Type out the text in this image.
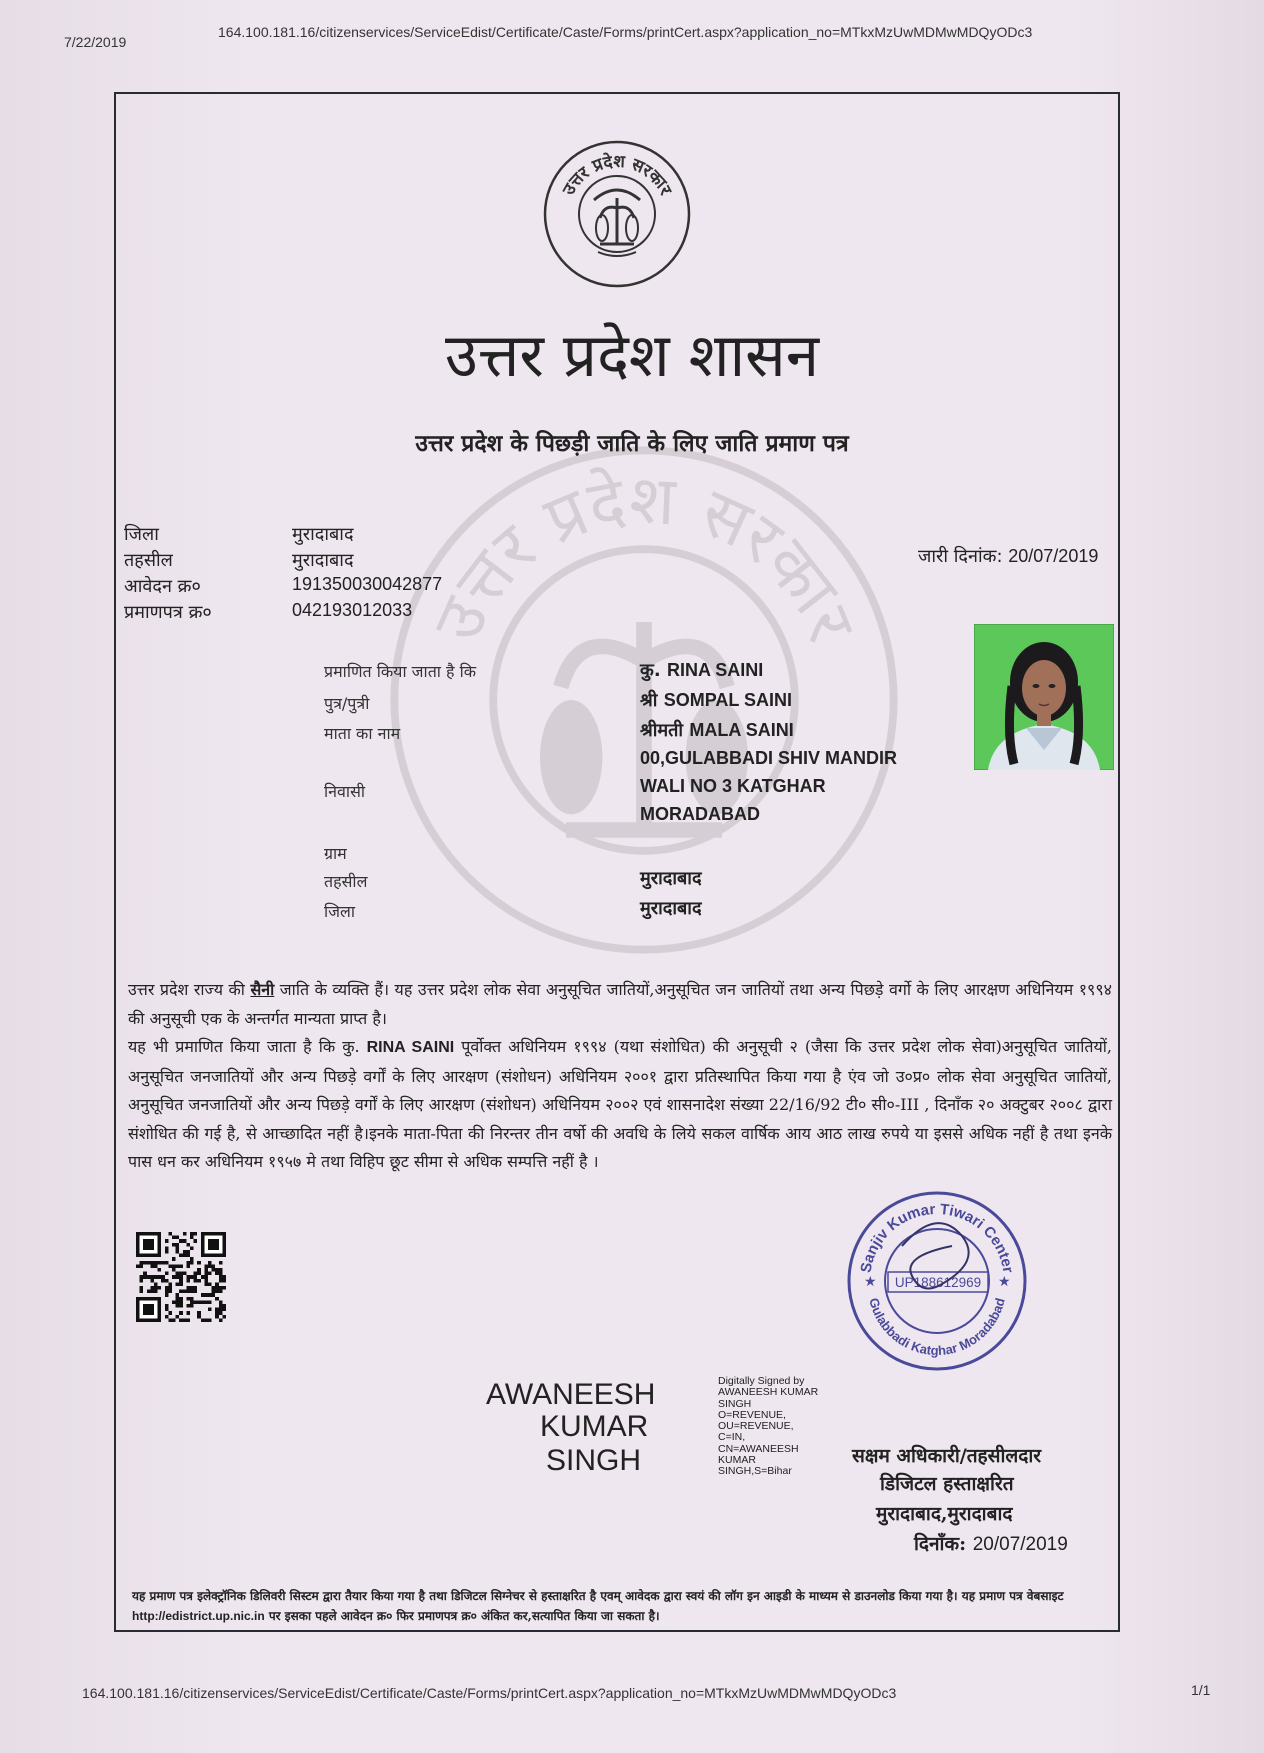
7/22/2019
164.100.181.16/citizenservices/ServiceEdist/Certificate/Caste/Forms/printCert.aspx?application_no=MTkxMzUwMDMwMDQyODc3
उत्तर प्रदेश सरकार
उत्तर प्रदेश सरकार
उत्तर प्रदेश शासन
उत्तर प्रदेश के पिछड़ी जाति के लिए जाति प्रमाण पत्र
जिला	मुरादाबाद
तहसील	मुरादाबाद
आवेदन क्र०	191350030042877
प्रमाणपत्र क्र०	042193012033
जारी दिनांक: 20/07/2019
प्रमाणित किया जाता है कि	कु. RINA SAINI
पुत्र/पुत्री	श्री SOMPAL SAINI
माता का नाम	श्रीमती MALA SAINI
00,GULABBADI SHIV MANDIR
निवासी	WALI NO 3 KATGHAR
MORADABAD
ग्राम
तहसील	मुरादाबाद
जिला	मुरादाबाद
उत्तर प्रदेश राज्य की सैनी जाति के व्यक्ति हैं। यह उत्तर प्रदेश लोक सेवा अनुसूचित जातियों,अनुसूचित जन जातियों तथा अन्य पिछड़े वर्गो के लिए आरक्षण अधिनियम १९९४ की अनुसूची एक के अन्तर्गत मान्यता प्राप्त है।
यह भी प्रमाणित किया जाता है कि कु. RINA SAINI पूर्वोक्त अधिनियम १९९४ (यथा संशोधित) की अनुसूची २ (जैसा कि उत्तर प्रदेश लोक सेवा)अनुसूचित जातियों, अनुसूचित जनजातियों और अन्य पिछड़े वर्गों के लिए आरक्षण (संशोधन) अधिनियम २००१ द्वारा प्रतिस्थापित किया गया है एंव जो उ०प्र० लोक सेवा अनुसूचित जातियों, अनुसूचित जनजातियों और अन्य पिछड़े वर्गों के लिए आरक्षण (संशोधन) अधिनियम २००२ एवं शासनादेश संख्या 22/16/92 टी० सी०-III , दिनाँक २० अक्टुबर २००८ द्वारा संशोधित की गई है, से आच्छादित नहीं है।इनके माता-पिता की निरन्तर तीन वर्षो की अवधि के लिये सकल वार्षिक आय आठ लाख रुपये या इससे अधिक नहीं है तथा इनके पास धन कर अधिनियम १९५७ मे तथा विहिप छूट सीमा से अधिक सम्पत्ति नहीं है ।
Sanjiv Kumar Tiwari Center
Gulabbadi Katghar Moradabad
★	★
UP188612969
AWANEESH
KUMAR
SINGH
Digitally Signed by
AWANEESH KUMAR
SINGH
O=REVENUE,
OU=REVENUE,
C=IN,
CN=AWANEESH
KUMAR
SINGH,S=Bihar
सक्षम अधिकारी/तहसीलदार
डिजिटल हस्ताक्षरित
मुरादाबाद,मुरादाबाद
दिनाँक: 20/07/2019
यह प्रमाण पत्र इलेक्ट्रॉनिक डिलिवरी सिस्टम द्वारा तैयार किया गया है तथा डिजिटल सिग्नेचर से हस्ताक्षरित है एवम् आवेदक द्वारा स्वयं की लॉग इन आइडी के माध्यम से डाउनलोड किया गया है। यह प्रमाण पत्र वेबसाइट http://edistrict.up.nic.in पर इसका पहले आवेदन क्र० फिर प्रमाणपत्र क्र० अंकित कर,सत्यापित किया जा सकता है।
164.100.181.16/citizenservices/ServiceEdist/Certificate/Caste/Forms/printCert.aspx?application_no=MTkxMzUwMDMwMDQyODc3	1/1
